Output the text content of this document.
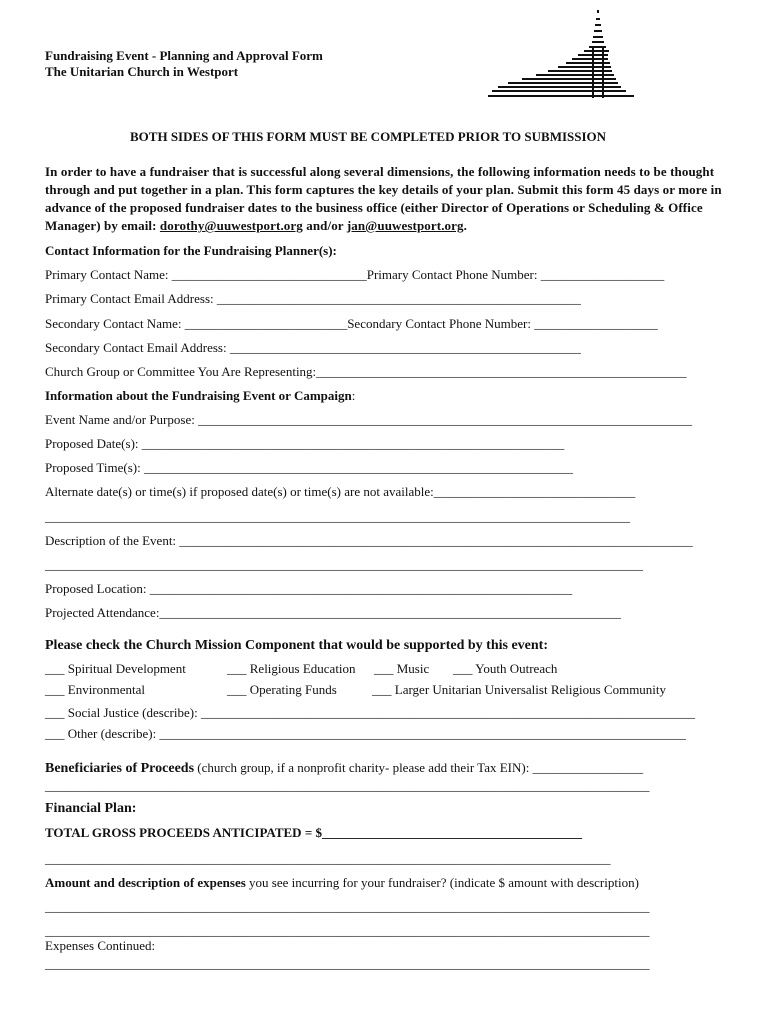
Fundraising Event - Planning and Approval Form
The Unitarian Church in Westport
BOTH SIDES OF THIS FORM MUST BE COMPLETED PRIOR TO SUBMISSION
In order to have a fundraiser that is successful along several dimensions, the following information needs to be thought through and put together in a plan. This form captures the key details of your plan. Submit this form 45 days or more in advance of the proposed fundraiser dates to the business office (either Director of Operations or Scheduling & Office Manager) by email: dorothy@uuwestport.org and/or jan@uuwestport.org.
Contact Information for the Fundraising Planner(s):
Primary Contact Name: ______________________________Primary Contact Phone Number: ___________________
Primary Contact Email Address: ________________________________________________________
Secondary Contact Name: _________________________Secondary Contact Phone Number: ___________________
Secondary Contact Email Address: ______________________________________________________
Church Group or Committee You Are Representing:_________________________________________________________
Information about the Fundraising Event or Campaign:
Event Name and/or Purpose: ____________________________________________________________________________
Proposed Date(s): _________________________________________________________________
Proposed Time(s): __________________________________________________________________
Alternate date(s) or time(s) if proposed date(s) or time(s) are not available:_______________________________
__________________________________________________________________________________________
Description of the Event: _______________________________________________________________________________
____________________________________________________________________________________________
Proposed Location: _________________________________________________________________
Projected Attendance:_______________________________________________________________________
Please check the Church Mission Component that would be supported by this event:
___ Spiritual Development	___ Religious Education ___ Music ___ Youth Outreach
___ Environmental	___ Operating Funds	___ Larger Unitarian Universalist Religious Community
___ Social Justice (describe): ____________________________________________________________________________
___ Other (describe): _________________________________________________________________________________
Beneficiaries of Proceeds (church group, if a nonprofit charity- please add their Tax EIN): _________________
_____________________________________________________________________________________________
Financial Plan:
TOTAL GROSS PROCEEDS ANTICIPATED = $________________________________________
_______________________________________________________________________________________
Amount and description of expenses you see incurring for your fundraiser? (indicate $ amount with description)
_____________________________________________________________________________________________
_____________________________________________________________________________________________
Expenses Continued:
_____________________________________________________________________________________________
